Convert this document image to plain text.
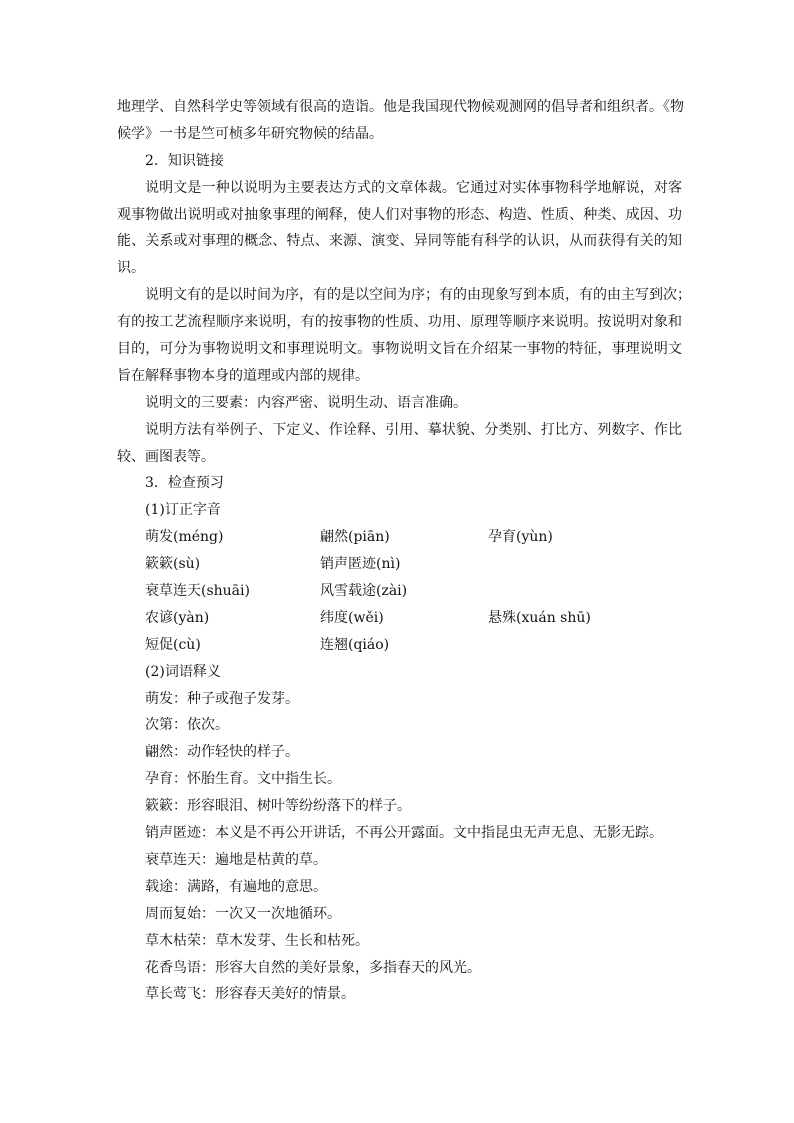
地理学、自然科学史等领域有很高的造诣。他是我国现代物候观测网的倡导者和组织者。《物
候学》一书是竺可桢多年研究物候的结晶。
2．知识链接
说明文是一种以说明为主要表达方式的文章体裁。它通过对实体事物科学地解说，对客
观事物做出说明或对抽象事理的阐释，使人们对事物的形态、构造、性质、种类、成因、功
能、关系或对事理的概念、特点、来源、演变、异同等能有科学的认识，从而获得有关的知
识。
说明文有的是以时间为序，有的是以空间为序；有的由现象写到本质，有的由主写到次；
有的按工艺流程顺序来说明，有的按事物的性质、功用、原理等顺序来说明。按说明对象和
目的，可分为事物说明文和事理说明文。事物说明文旨在介绍某一事物的特征，事理说明文
旨在解释事物本身的道理或内部的规律。
说明文的三要素：内容严密、说明生动、语言准确。
说明方法有举例子、下定义、作诠释、引用、摹状貌、分类别、打比方、列数字、作比
较、画图表等。
3．检查预习
(1)订正字音
萌发(méng)	翩然(piān)	孕育(yùn)
簌簌(sù)	销声匿迹(nì)
衰草连天(shuāi)	风雪载途(zài)
农谚(yàn)	纬度(wěi)	悬殊(xuán shū)
短促(cù)	连翘(qiáo)
(2)词语释义
萌发：种子或孢子发芽。
次第：依次。
翩然：动作轻快的样子。
孕育：怀胎生育。文中指生长。
簌簌：形容眼泪、树叶等纷纷落下的样子。
销声匿迹：本义是不再公开讲话，不再公开露面。文中指昆虫无声无息、无影无踪。
衰草连天：遍地是枯黄的草。
载途：满路，有遍地的意思。
周而复始：一次又一次地循环。
草木枯荣：草木发芽、生长和枯死。
花香鸟语：形容大自然的美好景象，多指春天的风光。
草长莺飞：形容春天美好的情景。
